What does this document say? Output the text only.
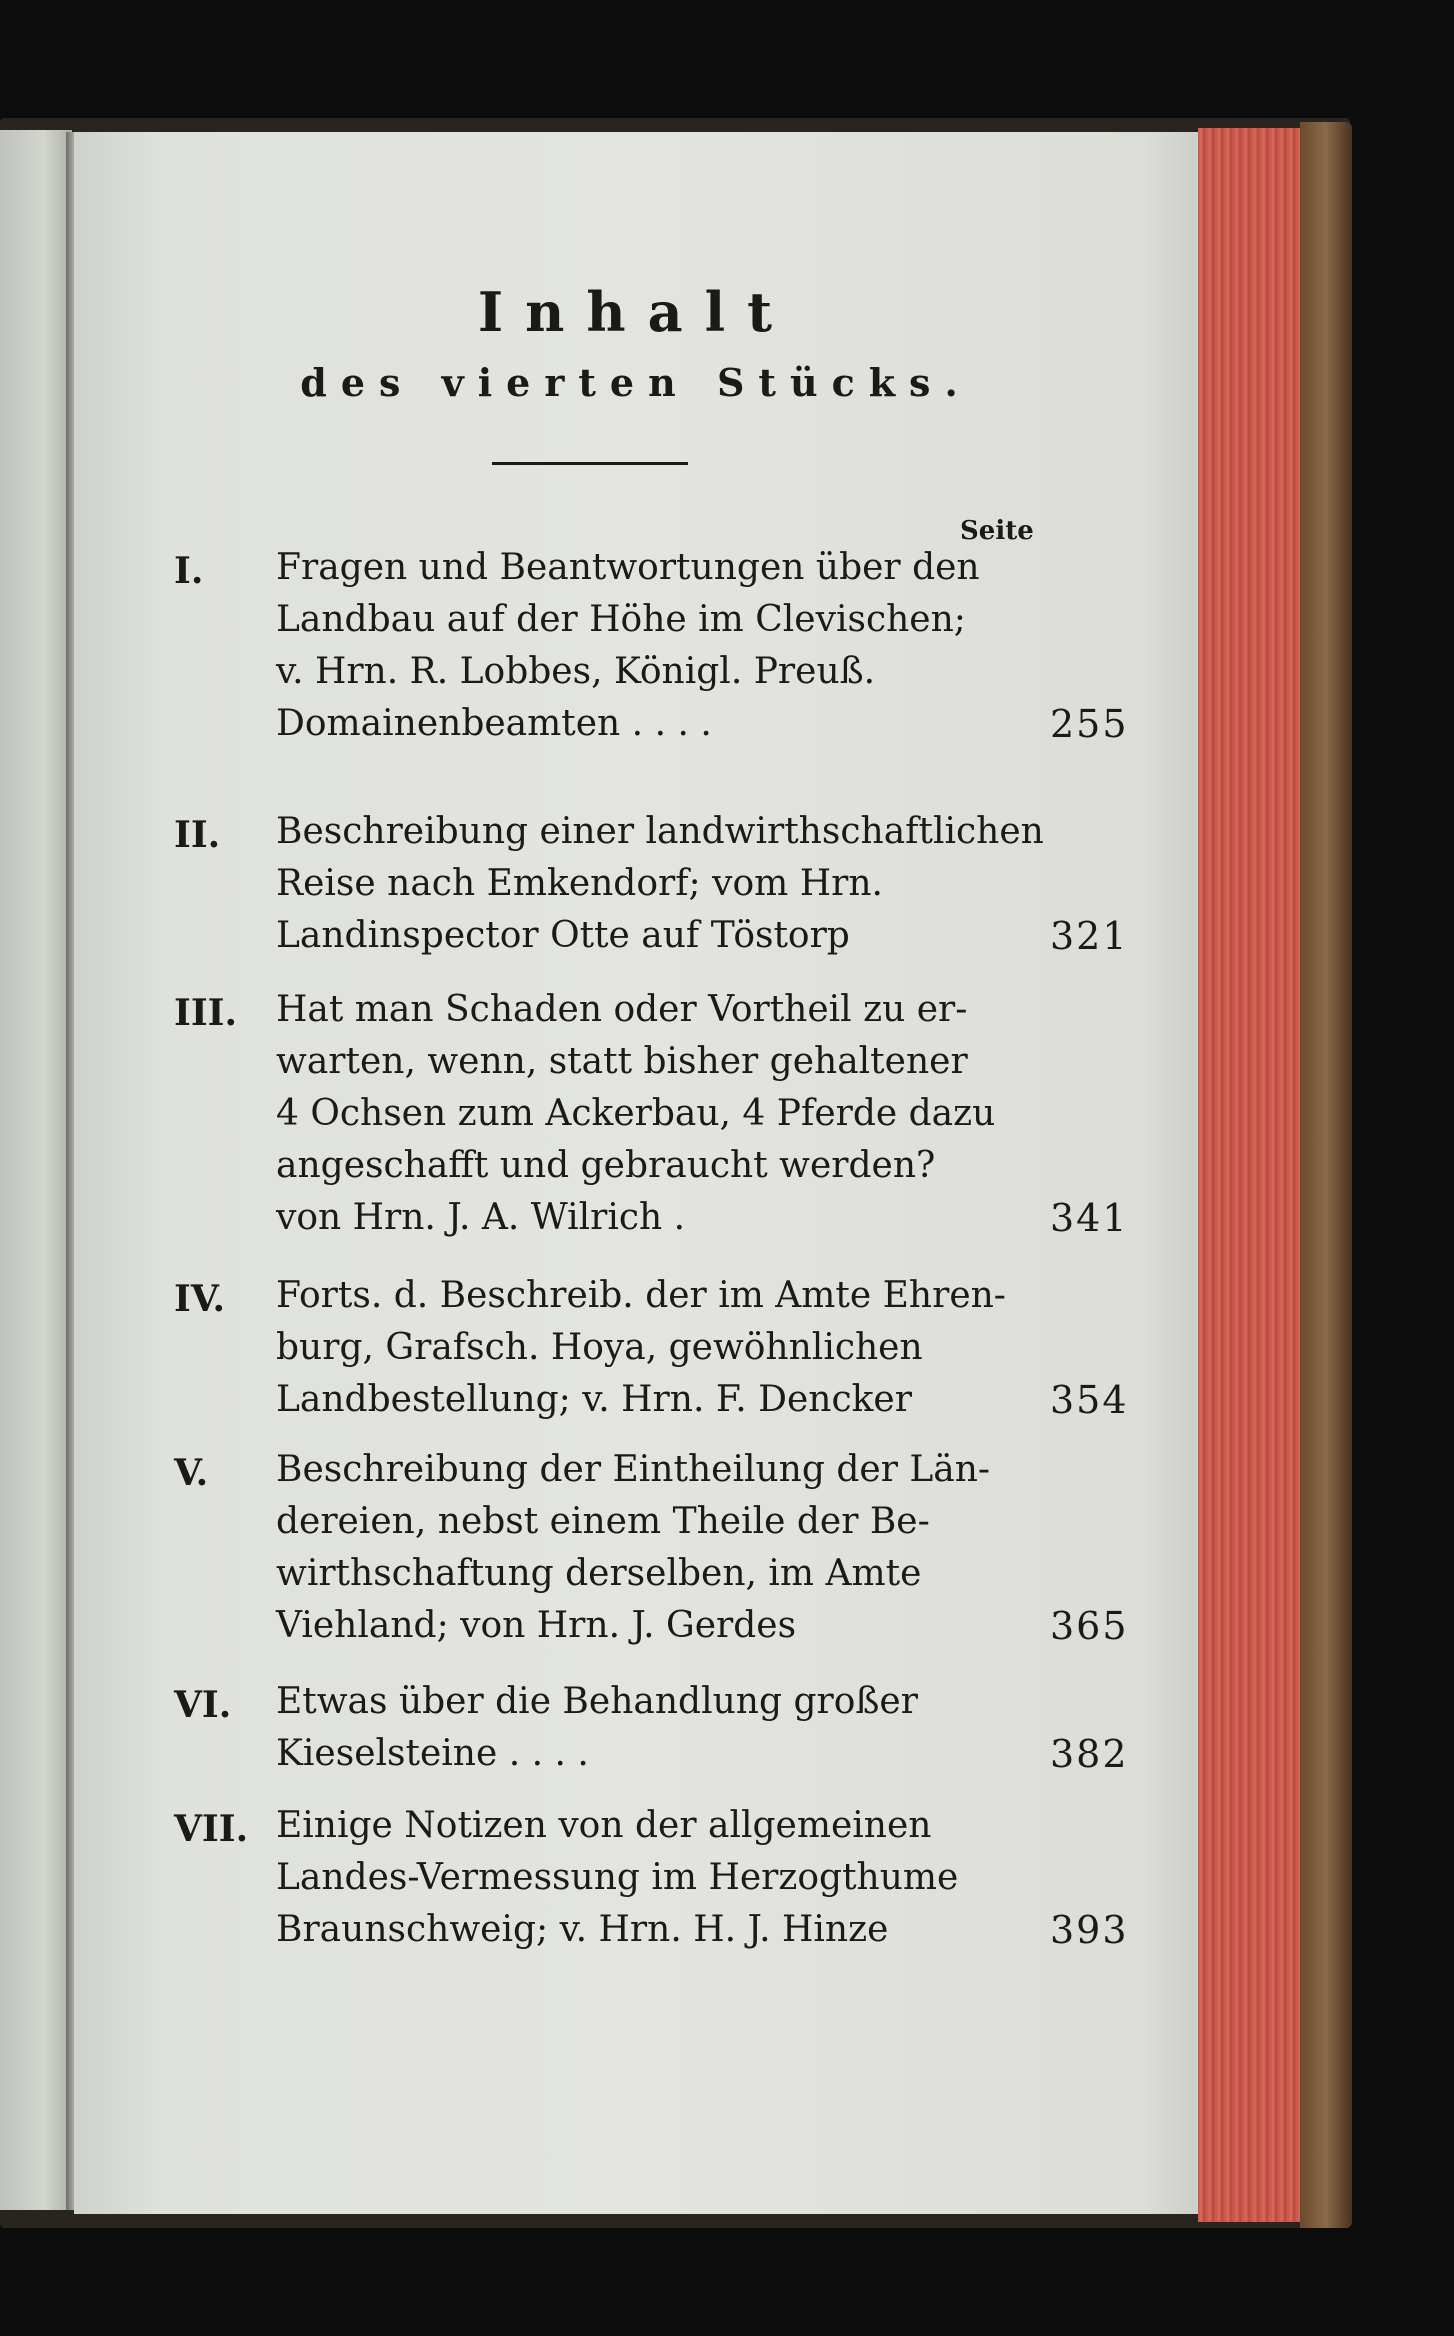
Inhalt
des vierten Stücks.
Seite
I. Fragen und Beantwortungen über den
Landbau auf der Höhe im Clevischen;
v. Hrn. R. Lobbes, Königl. Preuß.
Domainenbeamten . . . .	255
II. Beschreibung einer landwirthschaftlichen
Reise nach Emkendorf; vom Hrn.
Landinspector Otte auf Töstorp	321
III. Hat man Schaden oder Vortheil zu er-
warten, wenn, statt bisher gehaltener
4 Ochsen zum Ackerbau, 4 Pferde dazu
angeschafft und gebraucht werden?
von Hrn. J. A. Wilrich .	341
IV. Forts. d. Beschreib. der im Amte Ehren-
burg, Grafsch. Hoya, gewöhnlichen
Landbestellung; v. Hrn. F. Dencker	354
V. Beschreibung der Eintheilung der Län-
dereien, nebst einem Theile der Be-
wirthschaftung derselben, im Amte
Viehland; von Hrn. J. Gerdes	365
VI. Etwas über die Behandlung großer
Kieselsteine . . . .	382
VII. Einige Notizen von der allgemeinen
Landes-Vermessung im Herzogthume
Braunschweig; v. Hrn. H. J. Hinze	393
